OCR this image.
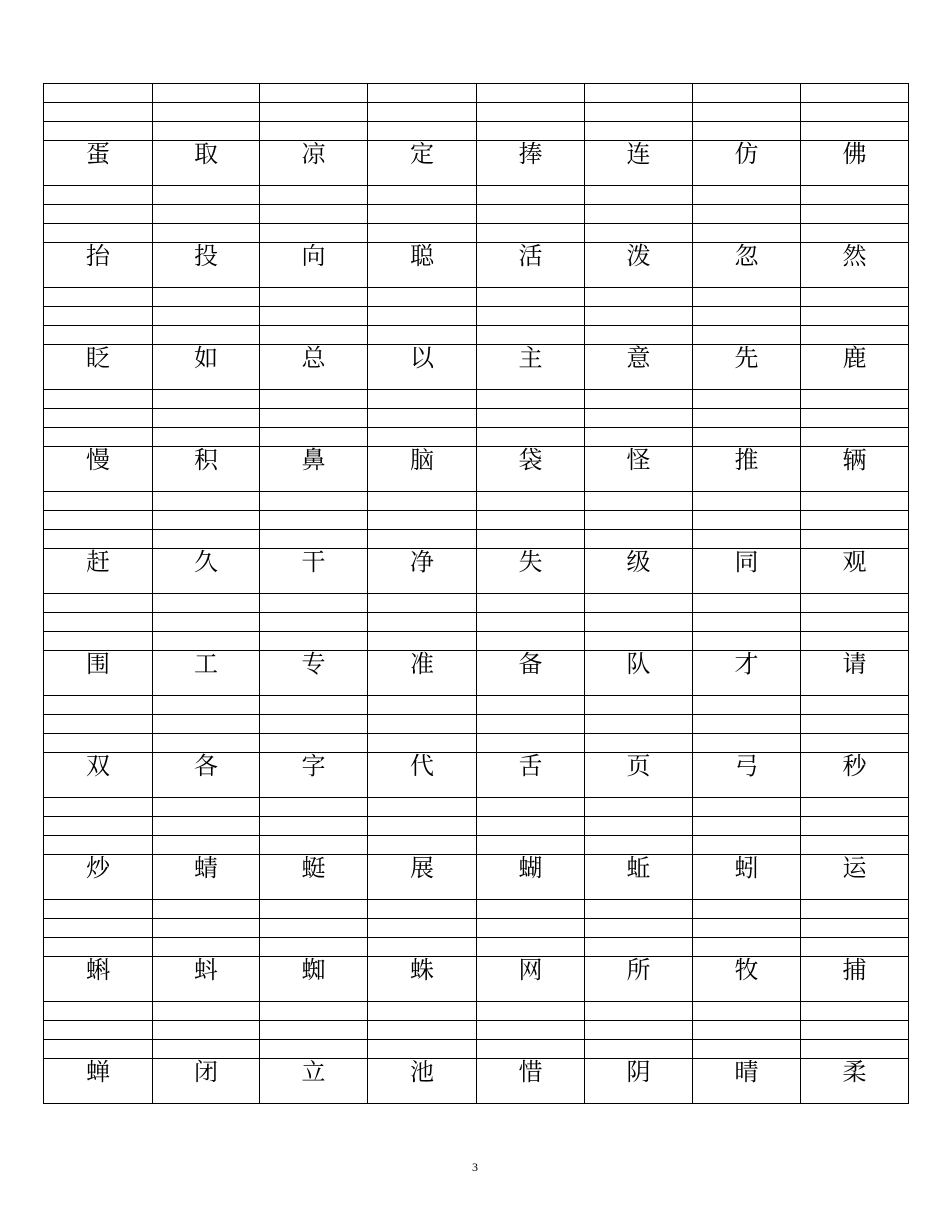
蛋	取	凉	定	捧	连	仿	佛

抬	投	向	聪	活	泼	忽	然

眨	如	总	以	主	意	先	鹿

慢	积	鼻	脑	袋	怪	推	辆

赶	久	干	净	失	级	同	观

围	工	专	准	备	队	才	请

双	各	字	代	舌	页	弓	秒

炒	蜻	蜓	展	蝴	蚯	蚓	运

蝌	蚪	蜘	蛛	网	所	牧	捕

蝉	闭	立	池	惜	阴	晴	柔
3
